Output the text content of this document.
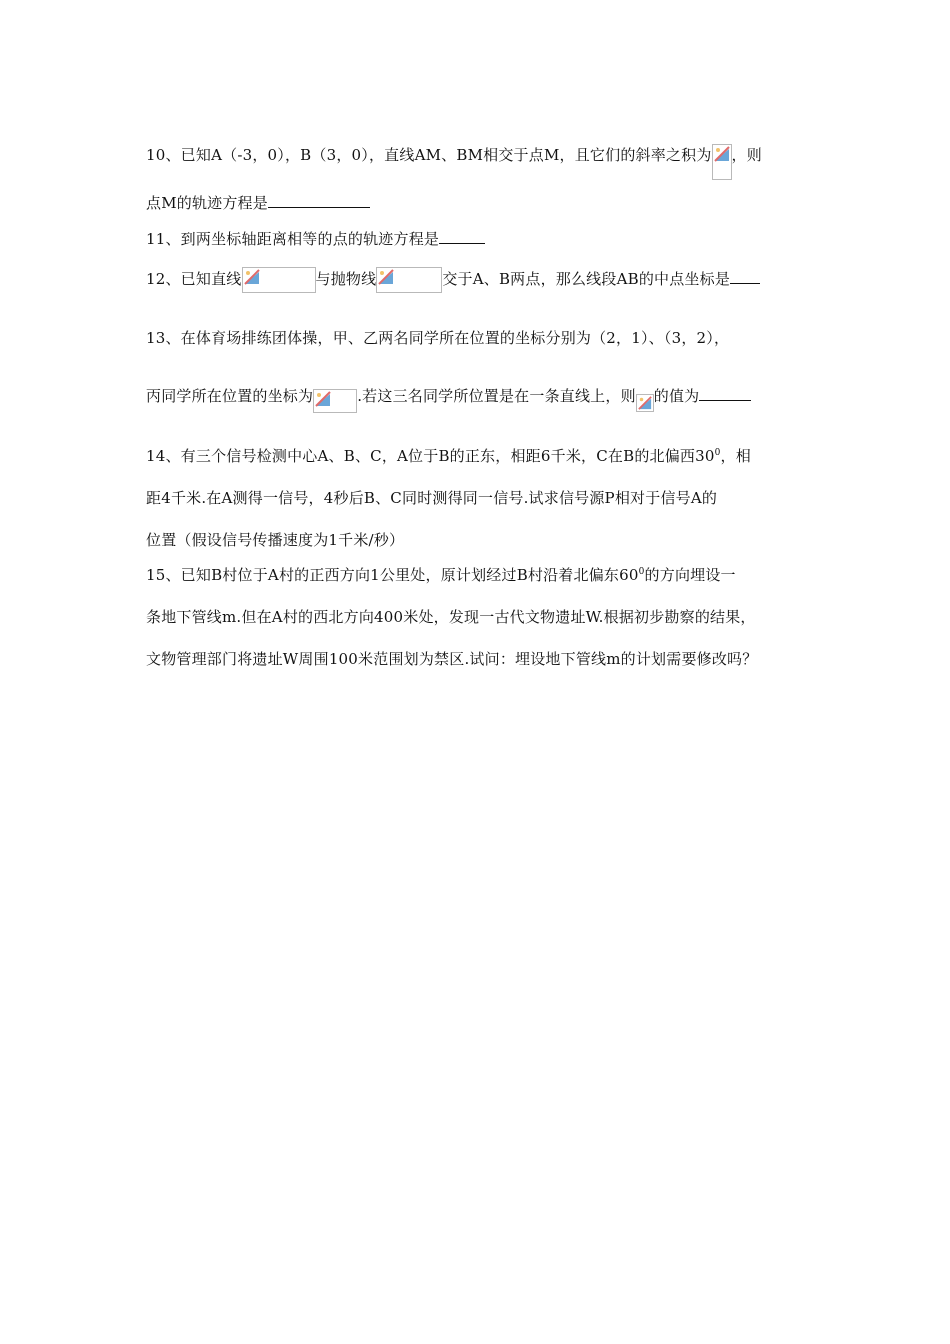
10、已知A（-3，0），B（3，0），直线AM、BM相交于点M，且它们的斜率之积为 ，则
点M的轨迹方程是
11、到两坐标轴距离相等的点的轨迹方程是
12、已知直线	与抛物线	交于A、B两点，那么线段AB的中点坐标是
13、在体育场排练团体操，甲、乙两名同学所在位置的坐标分别为（2，1）、（3，2），
丙同学所在位置的坐标为	.若这三名同学所位置是在一条直线上，则 的值为
14、有三个信号检测中心A、B、C，A位于B的正东，相距6千米，C在B的北偏西$30^0$，相
距4千米.在A测得一信号，4秒后B、C同时测得同一信号.试求信号源P相对于信号A的
位置（假设信号传播速度为1千米/秒）
15、已知B村位于A村的正西方向1公里处，原计划经过B村沿着北偏东$60^0$的方向埋设一
条地下管线m.但在A村的西北方向400米处，发现一古代文物遗址W.根据初步勘察的结果，
文物管理部门将遗址W周围100米范围划为禁区.试问：埋设地下管线m的计划需要修改吗？
